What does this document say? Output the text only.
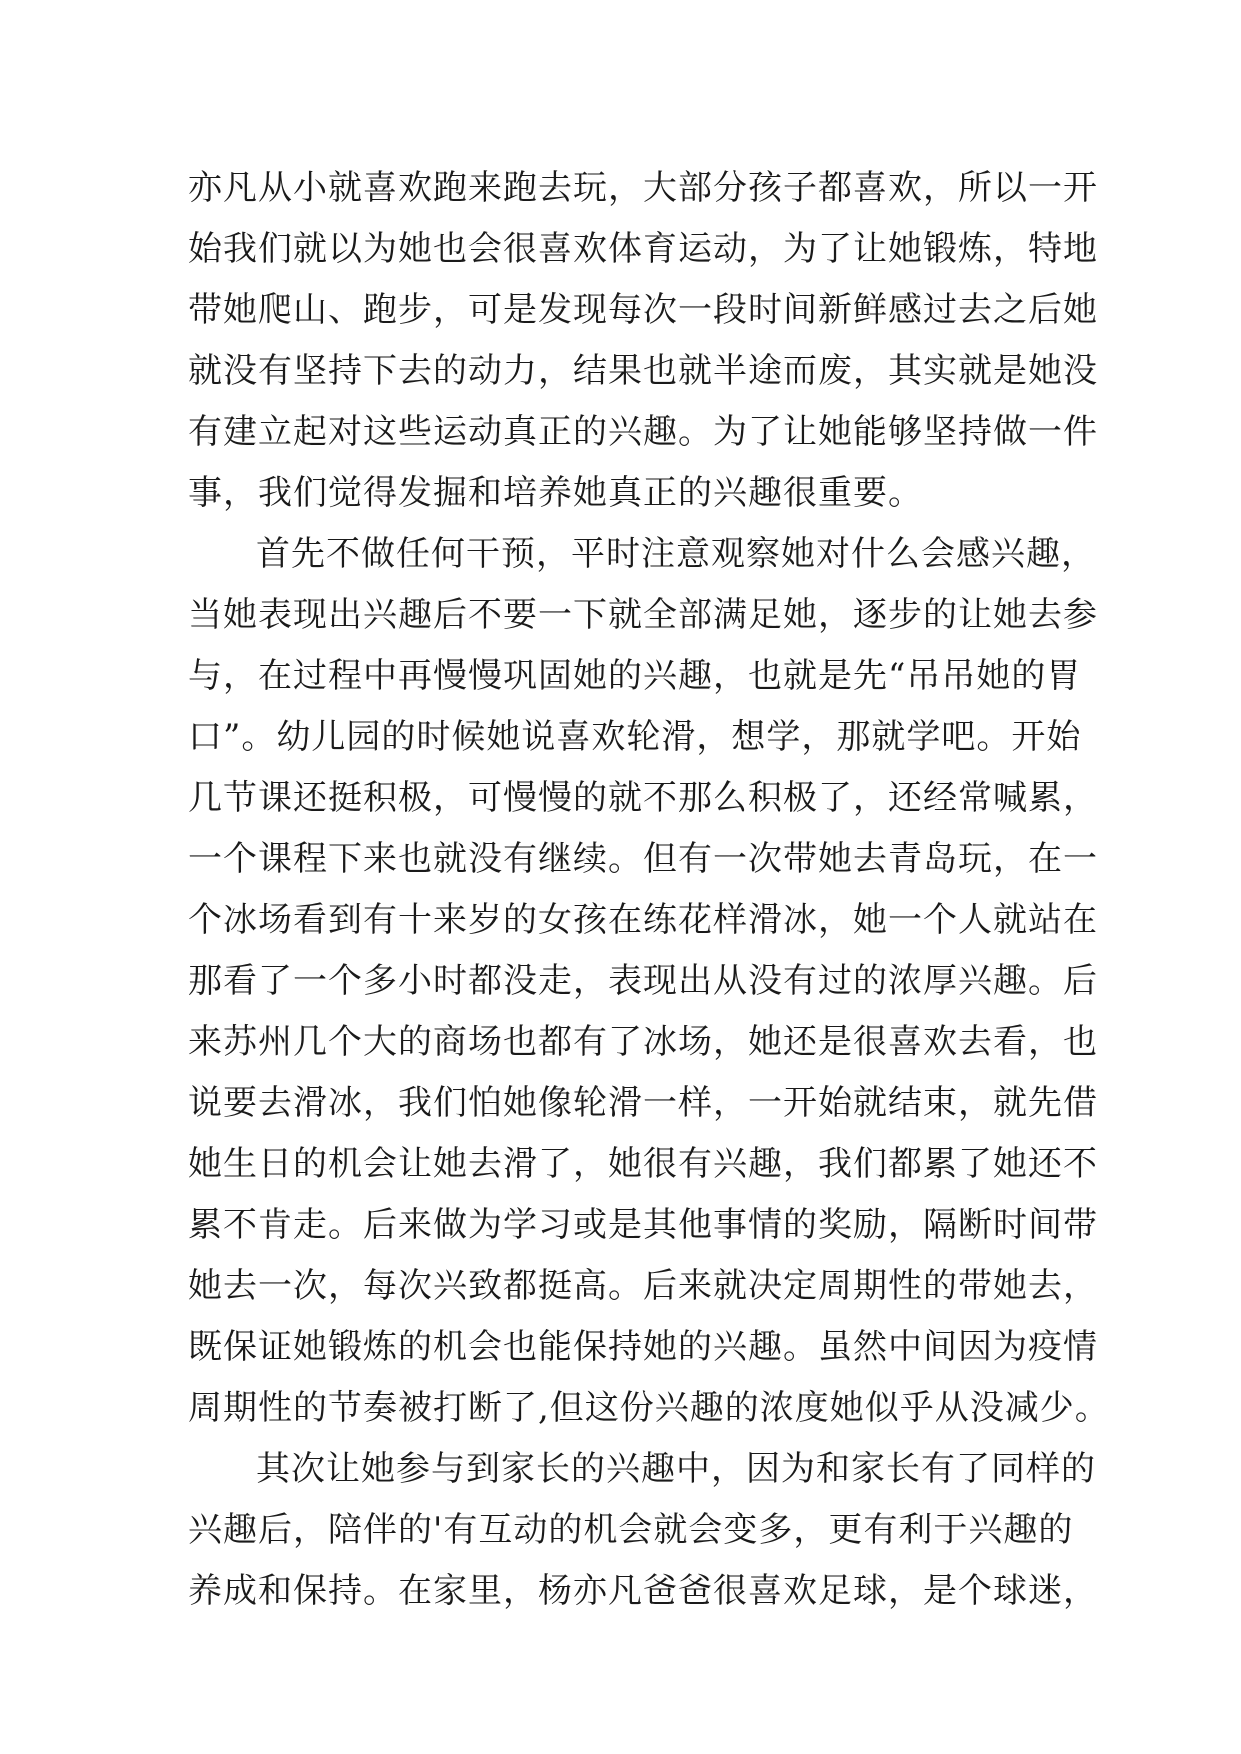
亦凡从小就喜欢跑来跑去玩，大部分孩子都喜欢，所以一开
始我们就以为她也会很喜欢体育运动，为了让她锻炼，特地
带她爬山、跑步，可是发现每次一段时间新鲜感过去之后她
就没有坚持下去的动力，结果也就半途而废，其实就是她没
有建立起对这些运动真正的兴趣。为了让她能够坚持做一件
事，我们觉得发掘和培养她真正的兴趣很重要。
首先不做任何干预，平时注意观察她对什么会感兴趣，
当她表现出兴趣后不要一下就全部满足她，逐步的让她去参
与，在过程中再慢慢巩固她的兴趣，也就是先“吊吊她的胃
口”。幼儿园的时候她说喜欢轮滑，想学，那就学吧。开始
几节课还挺积极，可慢慢的就不那么积极了，还经常喊累，
一个课程下来也就没有继续。但有一次带她去青岛玩，在一
个冰场看到有十来岁的女孩在练花样滑冰，她一个人就站在
那看了一个多小时都没走，表现出从没有过的浓厚兴趣。后
来苏州几个大的商场也都有了冰场，她还是很喜欢去看，也
说要去滑冰，我们怕她像轮滑一样，一开始就结束，就先借
她生日的机会让她去滑了，她很有兴趣，我们都累了她还不
累不肯走。后来做为学习或是其他事情的奖励，隔断时间带
她去一次，每次兴致都挺高。后来就决定周期性的带她去，
既保证她锻炼的机会也能保持她的兴趣。虽然中间因为疫情
周期性的节奏被打断了,但这份兴趣的浓度她似乎从没减少。
其次让她参与到家长的兴趣中，因为和家长有了同样的
兴趣后，陪伴的'有互动的机会就会变多，更有利于兴趣的
养成和保持。在家里，杨亦凡爸爸很喜欢足球，是个球迷，
